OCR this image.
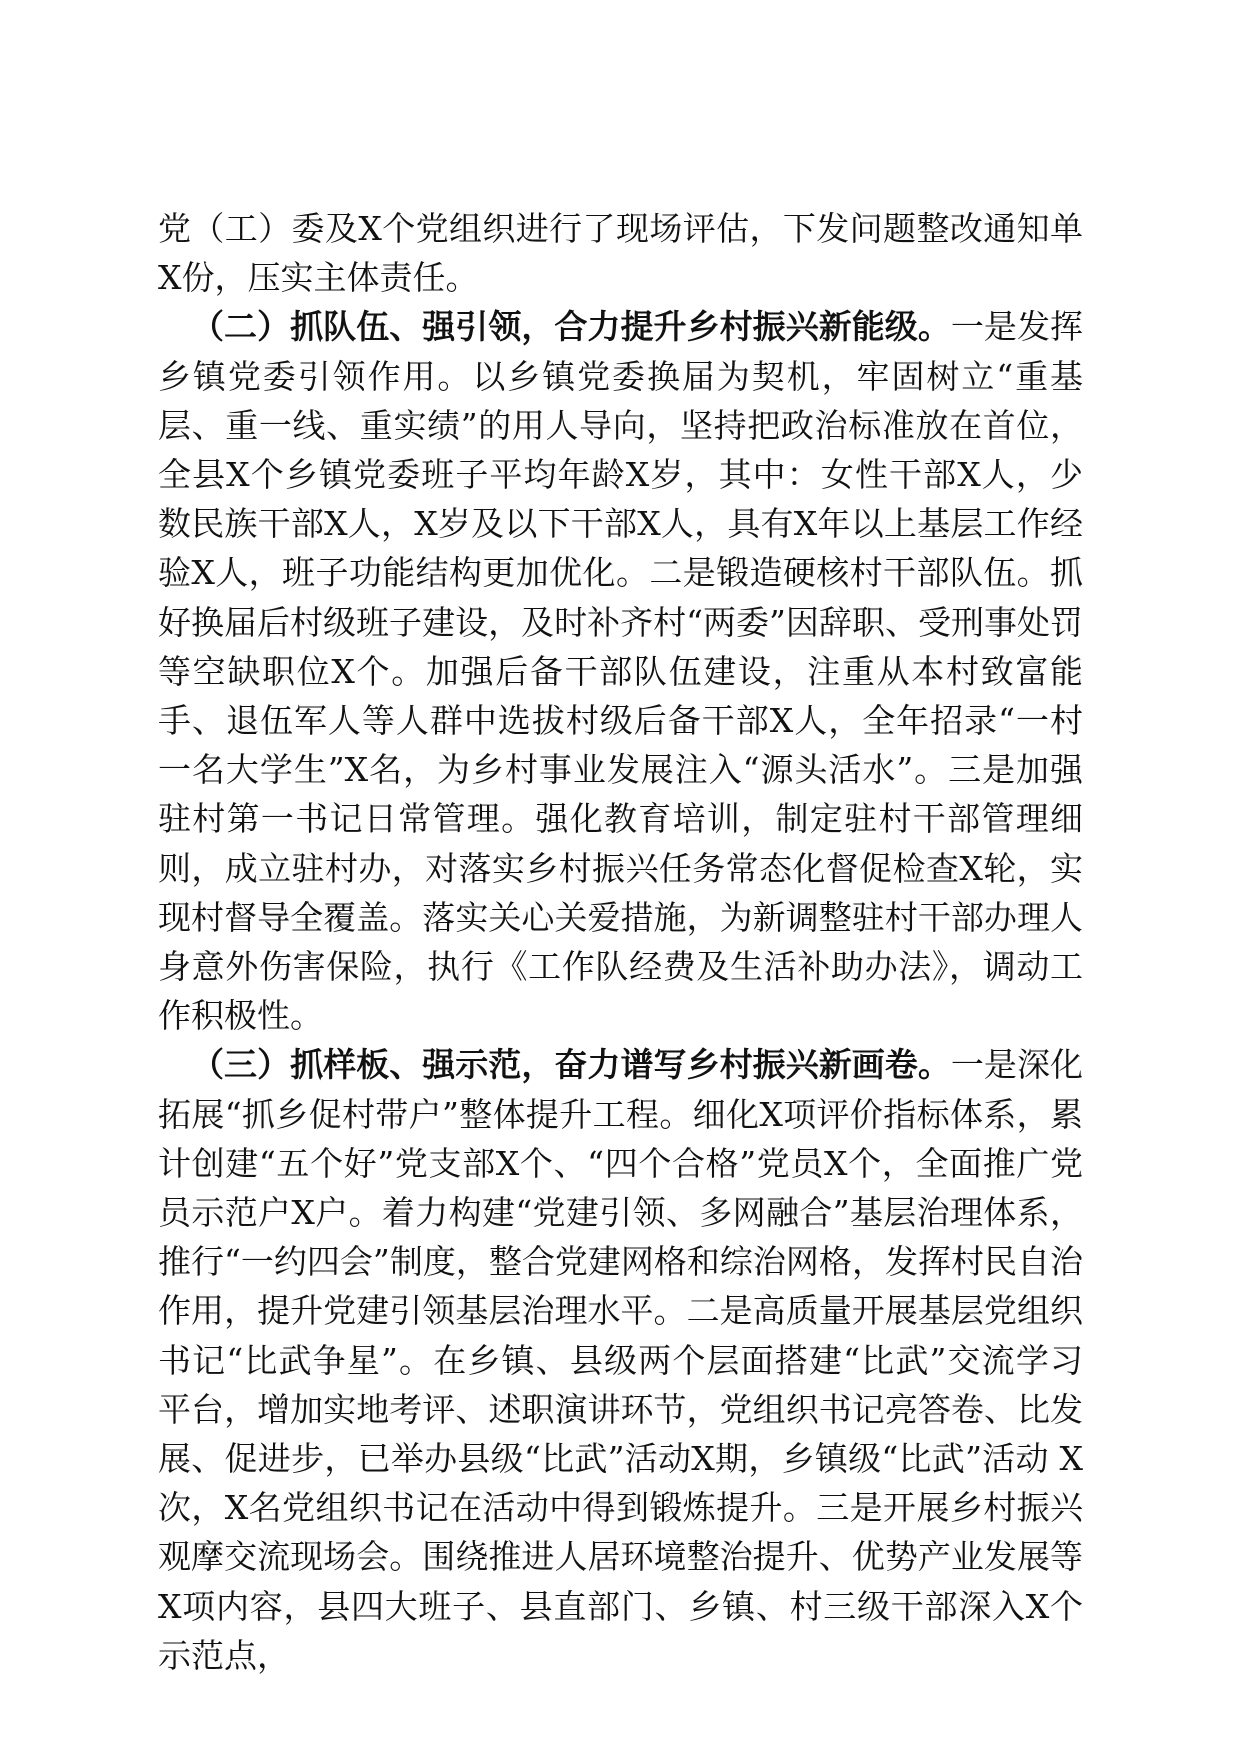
党（工）委及X个党组织进行了现场评估，下发问题整改通知单X份，压实主体责任。

（二）抓队伍、强引领，合力提升乡村振兴新能级。一是发挥乡镇党委引领作用。以乡镇党委换届为契机，牢固树立“重基层、重一线、重实绩”的用人导向，坚持把政治标准放在首位，全县X个乡镇党委班子平均年龄X岁，其中：女性干部X人，少数民族干部X人，X岁及以下干部X人，具有X年以上基层工作经验X人，班子功能结构更加优化。二是锻造硬核村干部队伍。抓好换届后村级班子建设，及时补齐村“两委”因辞职、受刑事处罚等空缺职位X个。加强后备干部队伍建设，注重从本村致富能手、退伍军人等人群中选拔村级后备干部X人，全年招录“一村一名大学生”X名，为乡村事业发展注入“源头活水”。三是加强驻村第一书记日常管理。强化教育培训，制定驻村干部管理细则，成立驻村办，对落实乡村振兴任务常态化督促检查X轮，实现村督导全覆盖。落实关心关爱措施，为新调整驻村干部办理人身意外伤害保险，执行《工作队经费及生活补助办法》，调动工作积极性。

（三）抓样板、强示范，奋力谱写乡村振兴新画卷。一是深化拓展“抓乡促村带户”整体提升工程。细化X项评价指标体系，累计创建“五个好”党支部X个、“四个合格”党员X个，全面推广党员示范户X户。着力构建“党建引领、多网融合”基层治理体系，推行“一约四会”制度，整合党建网格和综治网格，发挥村民自治作用，提升党建引领基层治理水平。二是高质量开展基层党组织书记“比武争星”。在乡镇、县级两个层面搭建“比武”交流学习平台，增加实地考评、述职演讲环节，党组织书记亮答卷、比发展、促进步，已举办县级“比武”活动X期，乡镇级“比武”活动 X次，X名党组织书记在活动中得到锻炼提升。三是开展乡村振兴观摩交流现场会。围绕推进人居环境整治提升、优势产业发展等X项内容，县四大班子、县直部门、乡镇、村三级干部深入X个示范点，
